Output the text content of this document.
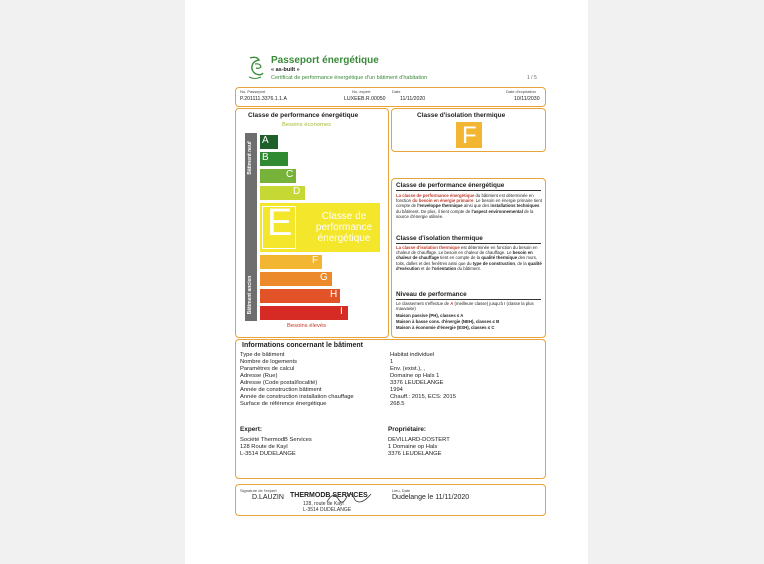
Passeport énergétique
« as-built »
Certificat de performance énergétique d'un bâtiment d'habitation	1 / 5
No. Passeport
P.201111.3376.1.1.A
No. expert
LUXEEB.R.00050
Date
11/11/2020
Date d'expiration
10/11/2030
Classe de performance énergétique
Besoins économes
Bâtiment neuf
Bâtiment ancien
A
B
C
D
E	Classe de performance énergétique
F
G
H
I
Besoins élevés
Classe d'isolation thermique
F
Classe de performance énergétique
La classe de performance énergétique du bâtiment est déterminée en fonction du besoin en énergie primaire. Le besoin en énergie primaire tient compte de l'enveloppe thermique ainsi que des installations techniques du bâtiment. De plus, il tient compte de l'aspect environnemental de la source d'énergie utilisée.
Classe d'isolation thermique
La classe d'isolation thermique est déterminée en fonction du besoin en chaleur de chauffage. Le besoin en chaleur de chauffage. Le besoin en chaleur de chauffage tient en compte de la qualité thermique des murs, toits, dalles et des fenêtres ainsi que du type de construction, de la qualité d'exécution et de l'orientation du bâtiment.
Niveau de performance
Le classement s'effectue de A (meilleure classe) jusqu'à I (classe la plus mauvaise)
Maison passive (PH), classes ≤ A
Maison à basse cons. d'énergie (NEH), classes ≤ B
Maison à économie d'énergie (ESH), classes ≤ C
Informations concernant le bâtiment
Type de bâtiment	Habitat individuel
Nombre de logements	1
Paramètres de calcul	Env. (exist.), ,
Adresse (Rue)	Domaine op Hals 1
Adresse (Code postal/localité)	3376 LEUDELANGE
Année de construction bâtiment	1994
Année de construction installation chauffage	Chauff.: 2015, ECS: 2015
Surface de référence énergétique	268.5
Expert:
Société ThermodB Services
128 Route de Kayl
L-3514 DUDELANGE
Propriétaire:
DEVILLARD-DOSTERT
1 Domaine op Hals
3376 LEUDELANGE
Signature de l'expert
D.LAUZIN THERMODB SERVICES
128, route de Kayl
L-3514 DUDELANGE
Lieu, Date
Dudelange le 11/11/2020
